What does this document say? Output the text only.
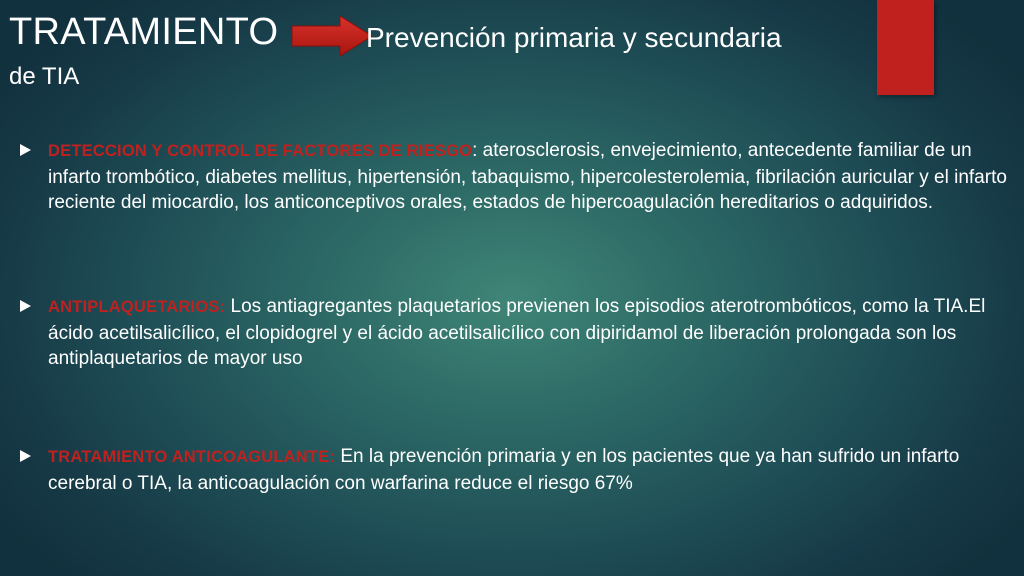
TRATAMIENTO	Prevención primaria y secundaria
de TIA
DETECCION Y CONTROL DE FACTORES DE RIESGO: aterosclerosis, envejecimiento, antecedente familiar de un infarto trombótico, diabetes mellitus, hipertensión, tabaquismo, hipercolesterolemia, fibrilación auricular y el infarto reciente del miocardio, los anticonceptivos orales, estados de hipercoagulación hereditarios o adquiridos.
ANTIPLAQUETARIOS: Los antiagregantes plaquetarios previenen los episodios aterotrombóticos, como la TIA.El ácido acetilsalicílico, el clopidogrel y el ácido acetilsalicílico con dipiridamol de liberación prolongada son los antiplaquetarios de mayor uso
TRATAMIENTO ANTICOAGULANTE: En la prevención primaria y en los pacientes que ya han sufrido un infarto cerebral o TIA, la anticoagulación con warfarina reduce el riesgo 67%
